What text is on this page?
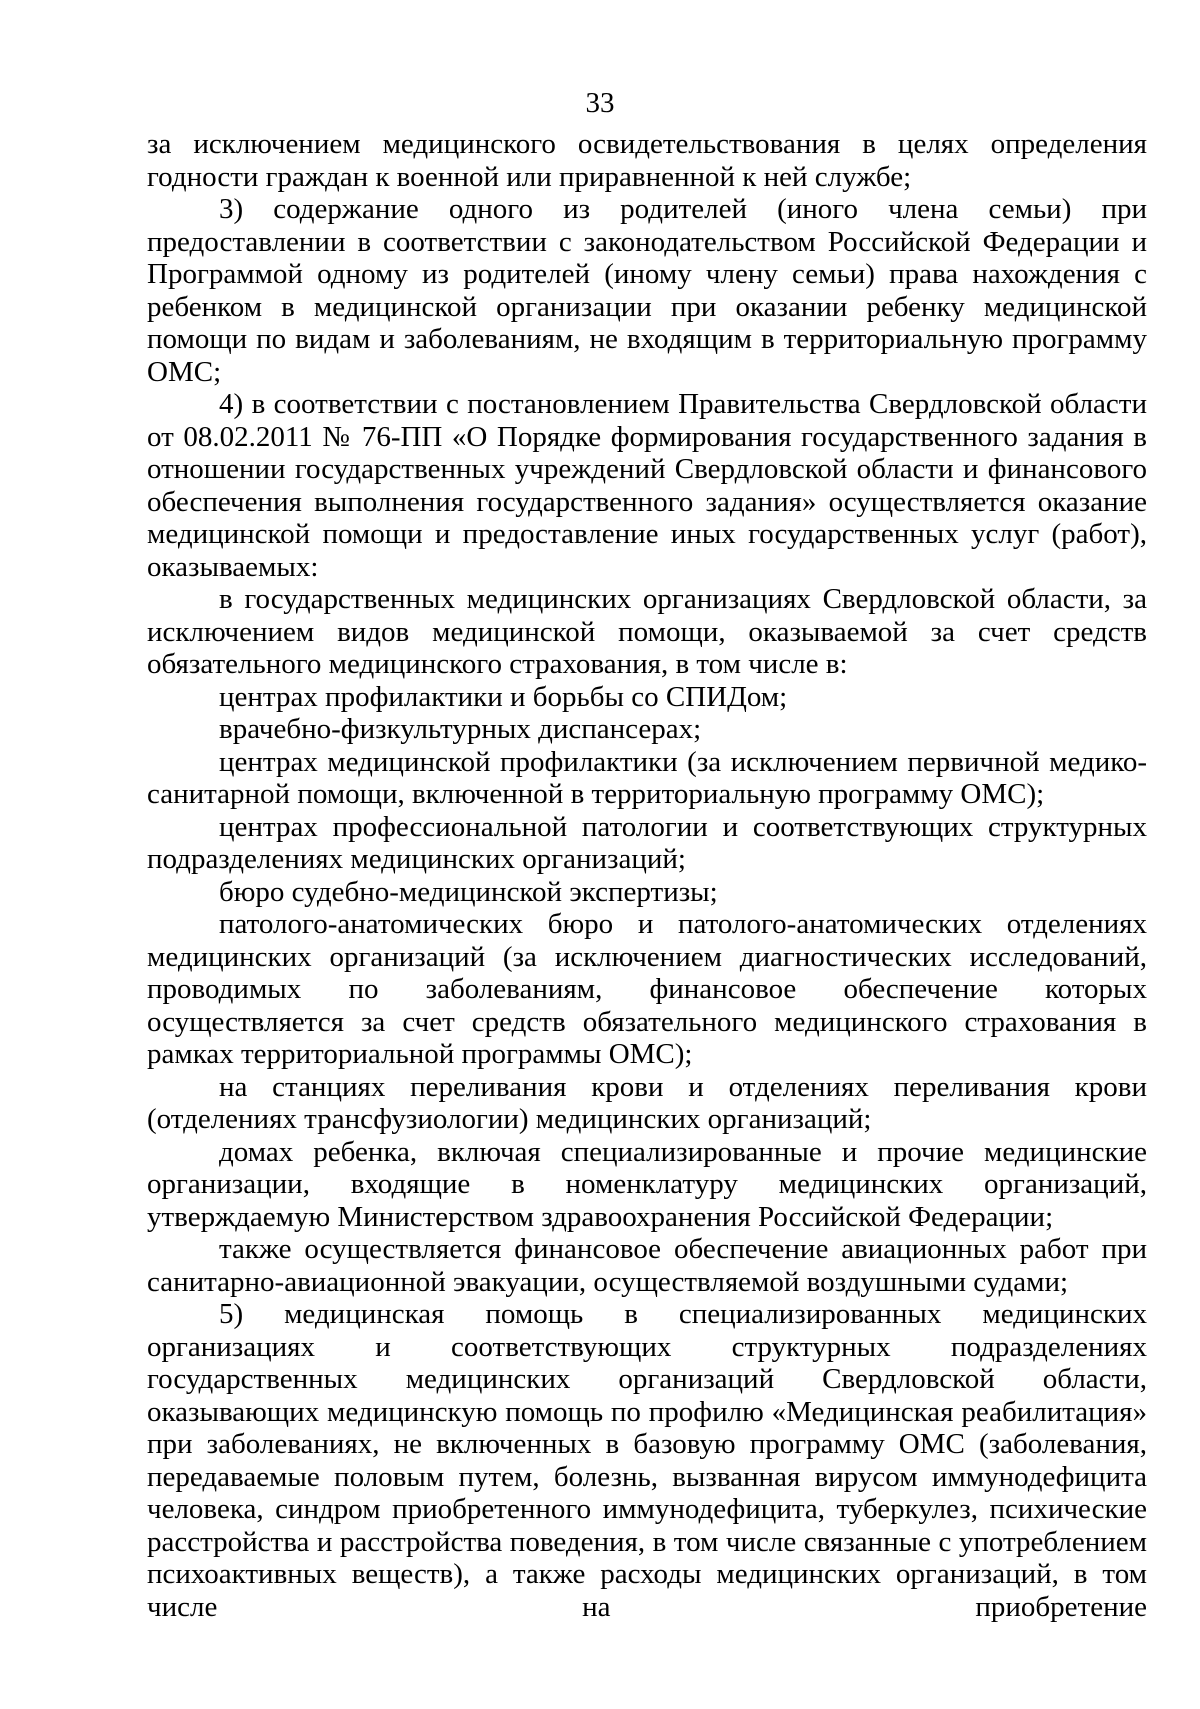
33

за исключением медицинского освидетельствования в целях определения годности граждан к военной или приравненной к ней службе;

3) содержание одного из родителей (иного члена семьи) при предоставлении в соответствии с законодательством Российской Федерации и Программой одному из родителей (иному члену семьи) права нахождения с ребенком в медицинской организации при оказании ребенку медицинской помощи по видам и заболеваниям, не входящим в территориальную программу ОМС;

4) в соответствии с постановлением Правительства Свердловской области от 08.02.2011 № 76-ПП «О Порядке формирования государственного задания в отношении государственных учреждений Свердловской области и финансового обеспечения выполнения государственного задания» осуществляется оказание медицинской помощи и предоставление иных государственных услуг (работ), оказываемых:

в государственных медицинских организациях Свердловской области, за исключением видов медицинской помощи, оказываемой за счет средств обязательного медицинского страхования, в том числе в:

центрах профилактики и борьбы со СПИДом;

врачебно-физкультурных диспансерах;

центрах медицинской профилактики (за исключением первичной медико-санитарной помощи, включенной в территориальную программу ОМС);

центрах профессиональной патологии и соответствующих структурных подразделениях медицинских организаций;

бюро судебно-медицинской экспертизы;

патолого-анатомических бюро и патолого-анатомических отделениях медицинских организаций (за исключением диагностических исследований, проводимых по заболеваниям, финансовое обеспечение которых осуществляется за счет средств обязательного медицинского страхования в рамках территориальной программы ОМС);

на станциях переливания крови и отделениях переливания крови (отделениях трансфузиологии) медицинских организаций;

домах ребенка, включая специализированные и прочие медицинские организации, входящие в номенклатуру медицинских организаций, утверждаемую Министерством здравоохранения Российской Федерации;

также осуществляется финансовое обеспечение авиационных работ при санитарно-авиационной эвакуации, осуществляемой воздушными судами;

5) медицинская помощь в специализированных медицинских организациях и соответствующих структурных подразделениях государственных медицинских организаций Свердловской области, оказывающих медицинскую помощь по профилю «Медицинская реабилитация» при заболеваниях, не включенных в базовую программу ОМС (заболевания, передаваемые половым путем, болезнь, вызванная вирусом иммунодефицита человека, синдром приобретенного иммунодефицита, туберкулез, психические расстройства и расстройства поведения, в том числе связанные с употреблением психоактивных веществ), а также расходы медицинских организаций, в том числе на приобретение
